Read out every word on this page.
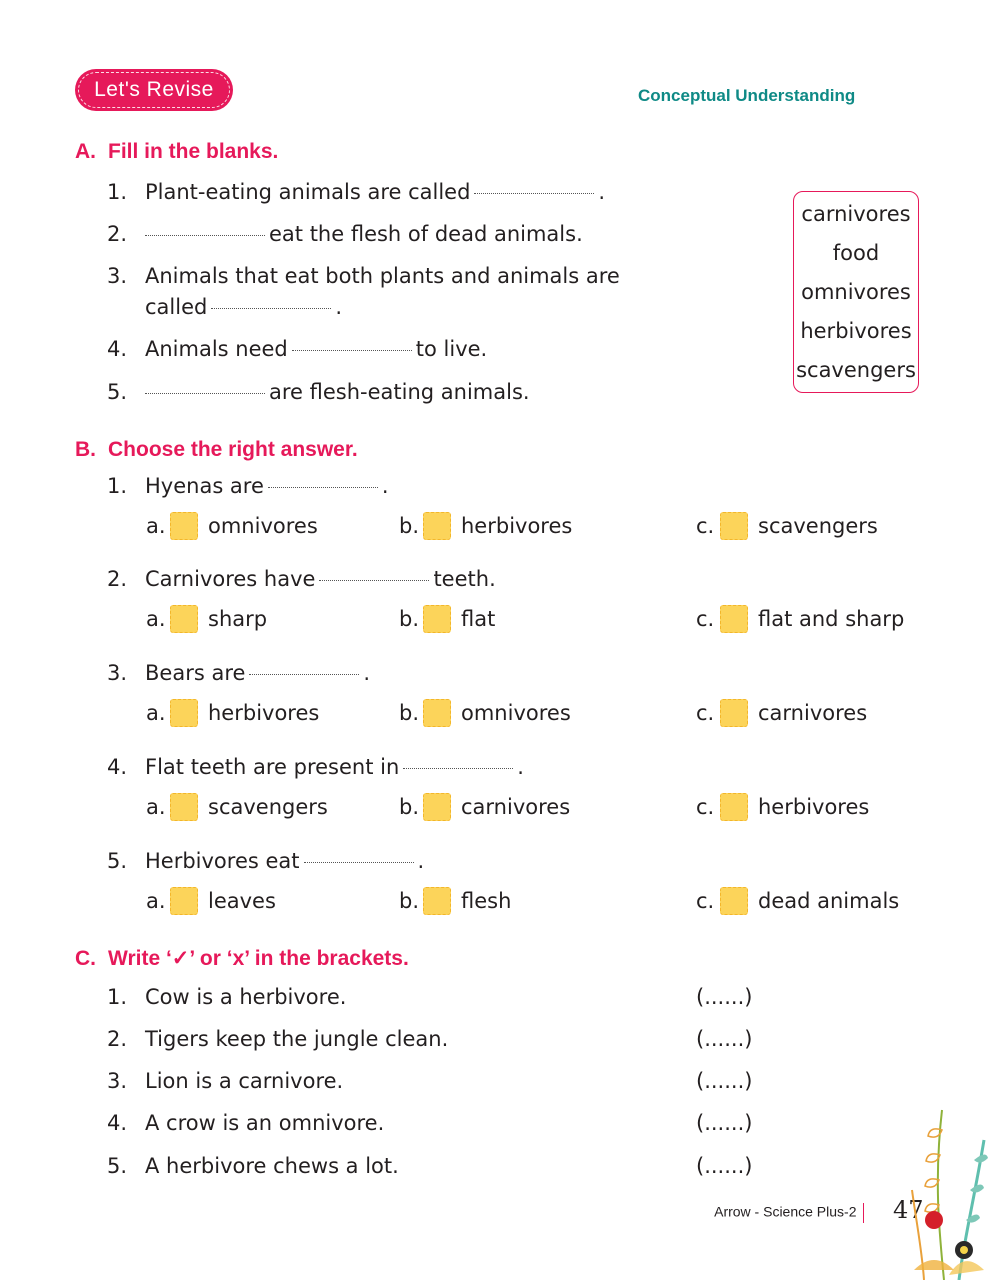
Let's Revise	Conceptual Understanding
A. Fill in the blanks.
1. Plant-eating animals are called	.
2.	eat the flesh of dead animals.
3. Animals that eat both plants and animals are
called	.
4. Animals need	to live.
5.	are flesh-eating animals.
carnivores
food
omnivores
herbivores
scavengers
B. Choose the right answer.
1. Hyenas are	.
a. omnivores	b. herbivores	c. scavengers
2. Carnivores have	teeth.
a. sharp	b. flat	c. flat and sharp
3. Bears are	.
a. herbivores	b. omnivores	c. carnivores
4. Flat teeth are present in	.
a. scavengers	b. carnivores	c. herbivores
5. Herbivores eat	.
a. leaves	b. flesh	c. dead animals
C. Write ‘✓’ or ‘x’ in the brackets.
1. Cow is a herbivore.	(......)
2. Tigers keep the jungle clean.	(......)
3. Lion is a carnivore.	(......)
4. A crow is an omnivore.	(......)
5. A herbivore chews a lot.	(......)
Arrow - Science Plus-2	47
